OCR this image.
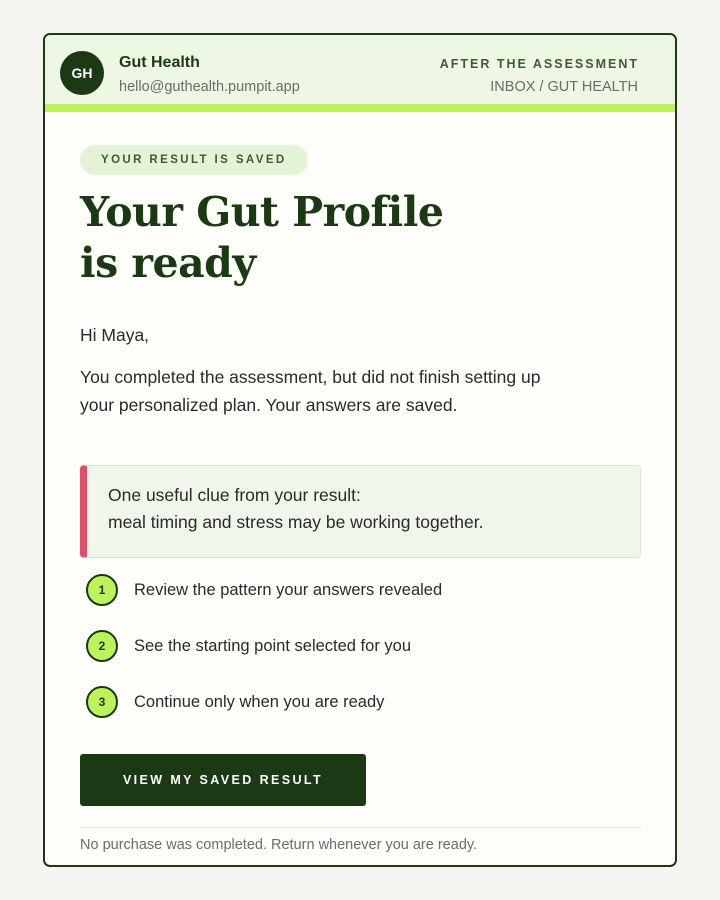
GH
Gut Health
hello@guthealth.pumpit.app
AFTER THE ASSESSMENT
INBOX / GUT HEALTH
YOUR RESULT IS SAVED
Your Gut Profile
is ready
Hi Maya,
You completed the assessment, but did not finish setting up
your personalized plan. Your answers are saved.
One useful clue from your result:
meal timing and stress may be working together.
1	Review the pattern your answers revealed
2	See the starting point selected for you
3	Continue only when you are ready
VIEW MY SAVED RESULT
No purchase was completed. Return whenever you are ready.
